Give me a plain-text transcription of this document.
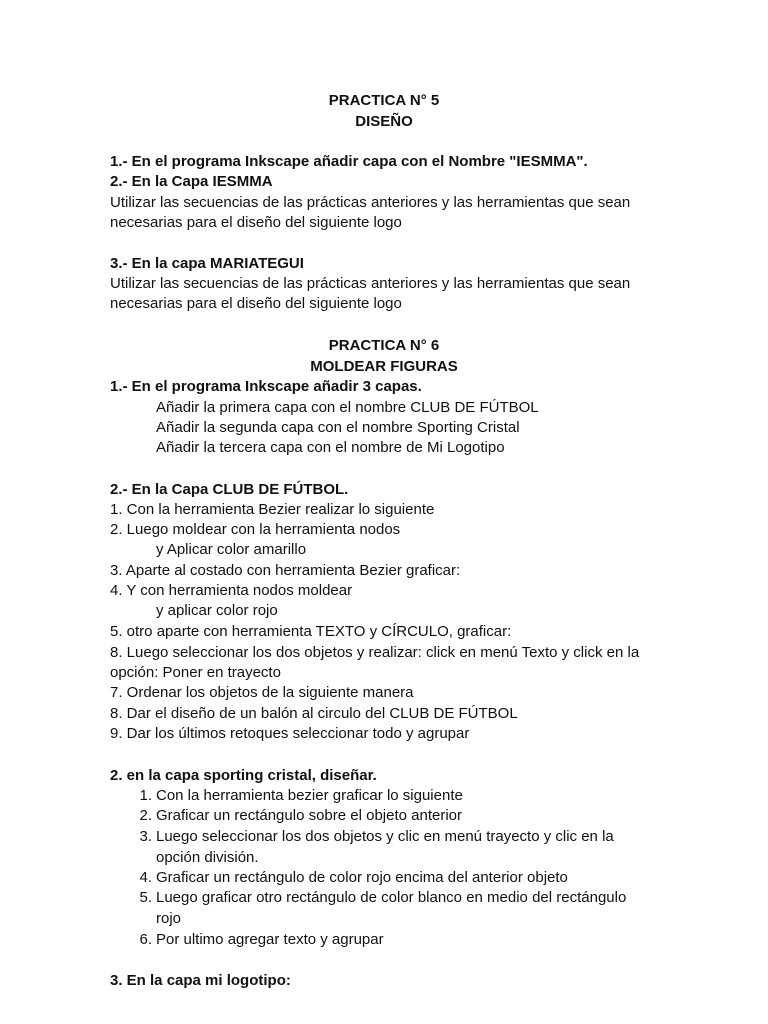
PRACTICA N° 5
DISEÑO
1.- En el programa Inkscape añadir capa con el Nombre "IESMMA".
2.- En la Capa IESMMA
Utilizar las secuencias de las prácticas anteriores y las herramientas que sean
necesarias para el diseño del siguiente logo
3.- En la capa MARIATEGUI
Utilizar las secuencias de las prácticas anteriores y las herramientas que sean
necesarias para el diseño del siguiente logo
PRACTICA N° 6
MOLDEAR FIGURAS
1.- En el programa Inkscape añadir 3 capas.
Añadir la primera capa con el nombre CLUB DE FÚTBOL
Añadir la segunda capa con el nombre Sporting Cristal
Añadir la tercera capa con el nombre de Mi Logotipo
2.- En la Capa CLUB DE FÚTBOL.
1. Con la herramienta Bezier realizar lo siguiente
2. Luego moldear con la herramienta nodos
y Aplicar color amarillo
3. Aparte al costado con herramienta Bezier graficar:
4. Y con herramienta nodos moldear
y aplicar color rojo
5. otro aparte con herramienta TEXTO y CÍRCULO, graficar:
8. Luego seleccionar los dos objetos y realizar: click en menú Texto y click en la
opción: Poner en trayecto
7. Ordenar los objetos de la siguiente manera
8. Dar el diseño de un balón al circulo del CLUB DE FÚTBOL
9. Dar los últimos retoques seleccionar todo y agrupar
2. en la capa sporting cristal, diseñar.
1. Con la herramienta bezier graficar lo siguiente
2. Graficar un rectángulo sobre el objeto anterior
3. Luego seleccionar los dos objetos y clic en menú trayecto y clic en la
opción división.
4. Graficar un rectángulo de color rojo encima del anterior objeto
5. Luego graficar otro rectángulo de color blanco en medio del rectángulo
rojo
6. Por ultimo agregar texto y agrupar
3. En la capa mi logotipo:
